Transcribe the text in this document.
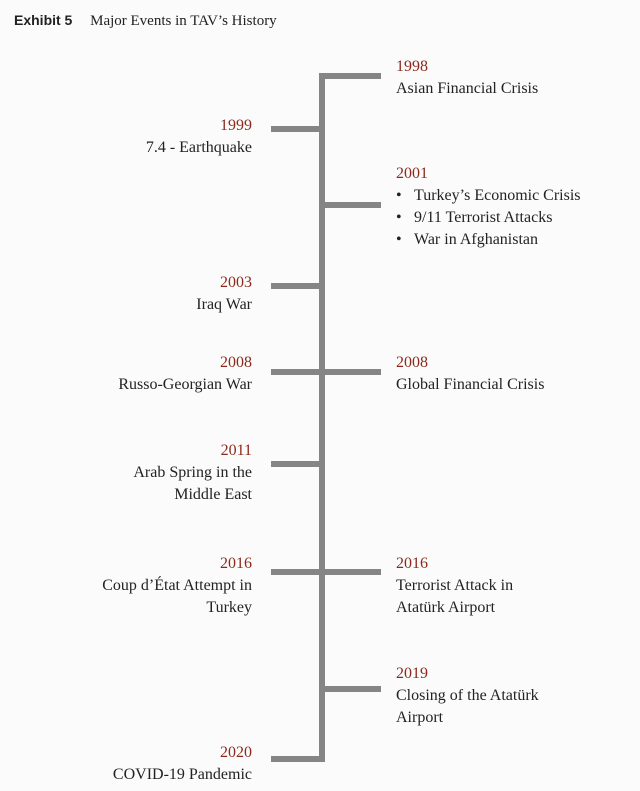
Exhibit 5 Major Events in TAV’s History
1998
Asian Financial Crisis
1999
7.4 - Earthquake
2001
• Turkey’s Economic Crisis
• 9/11 Terrorist Attacks
• War in Afghanistan
2003
Iraq War
2008
Russo-Georgian War
2008
Global Financial Crisis
2011
Arab Spring in the
Middle East
2016
Coup d’État Attempt in
Turkey
2016
Terrorist Attack in
Atatürk Airport
2019
Closing of the Atatürk
Airport
2020
COVID-19 Pandemic
